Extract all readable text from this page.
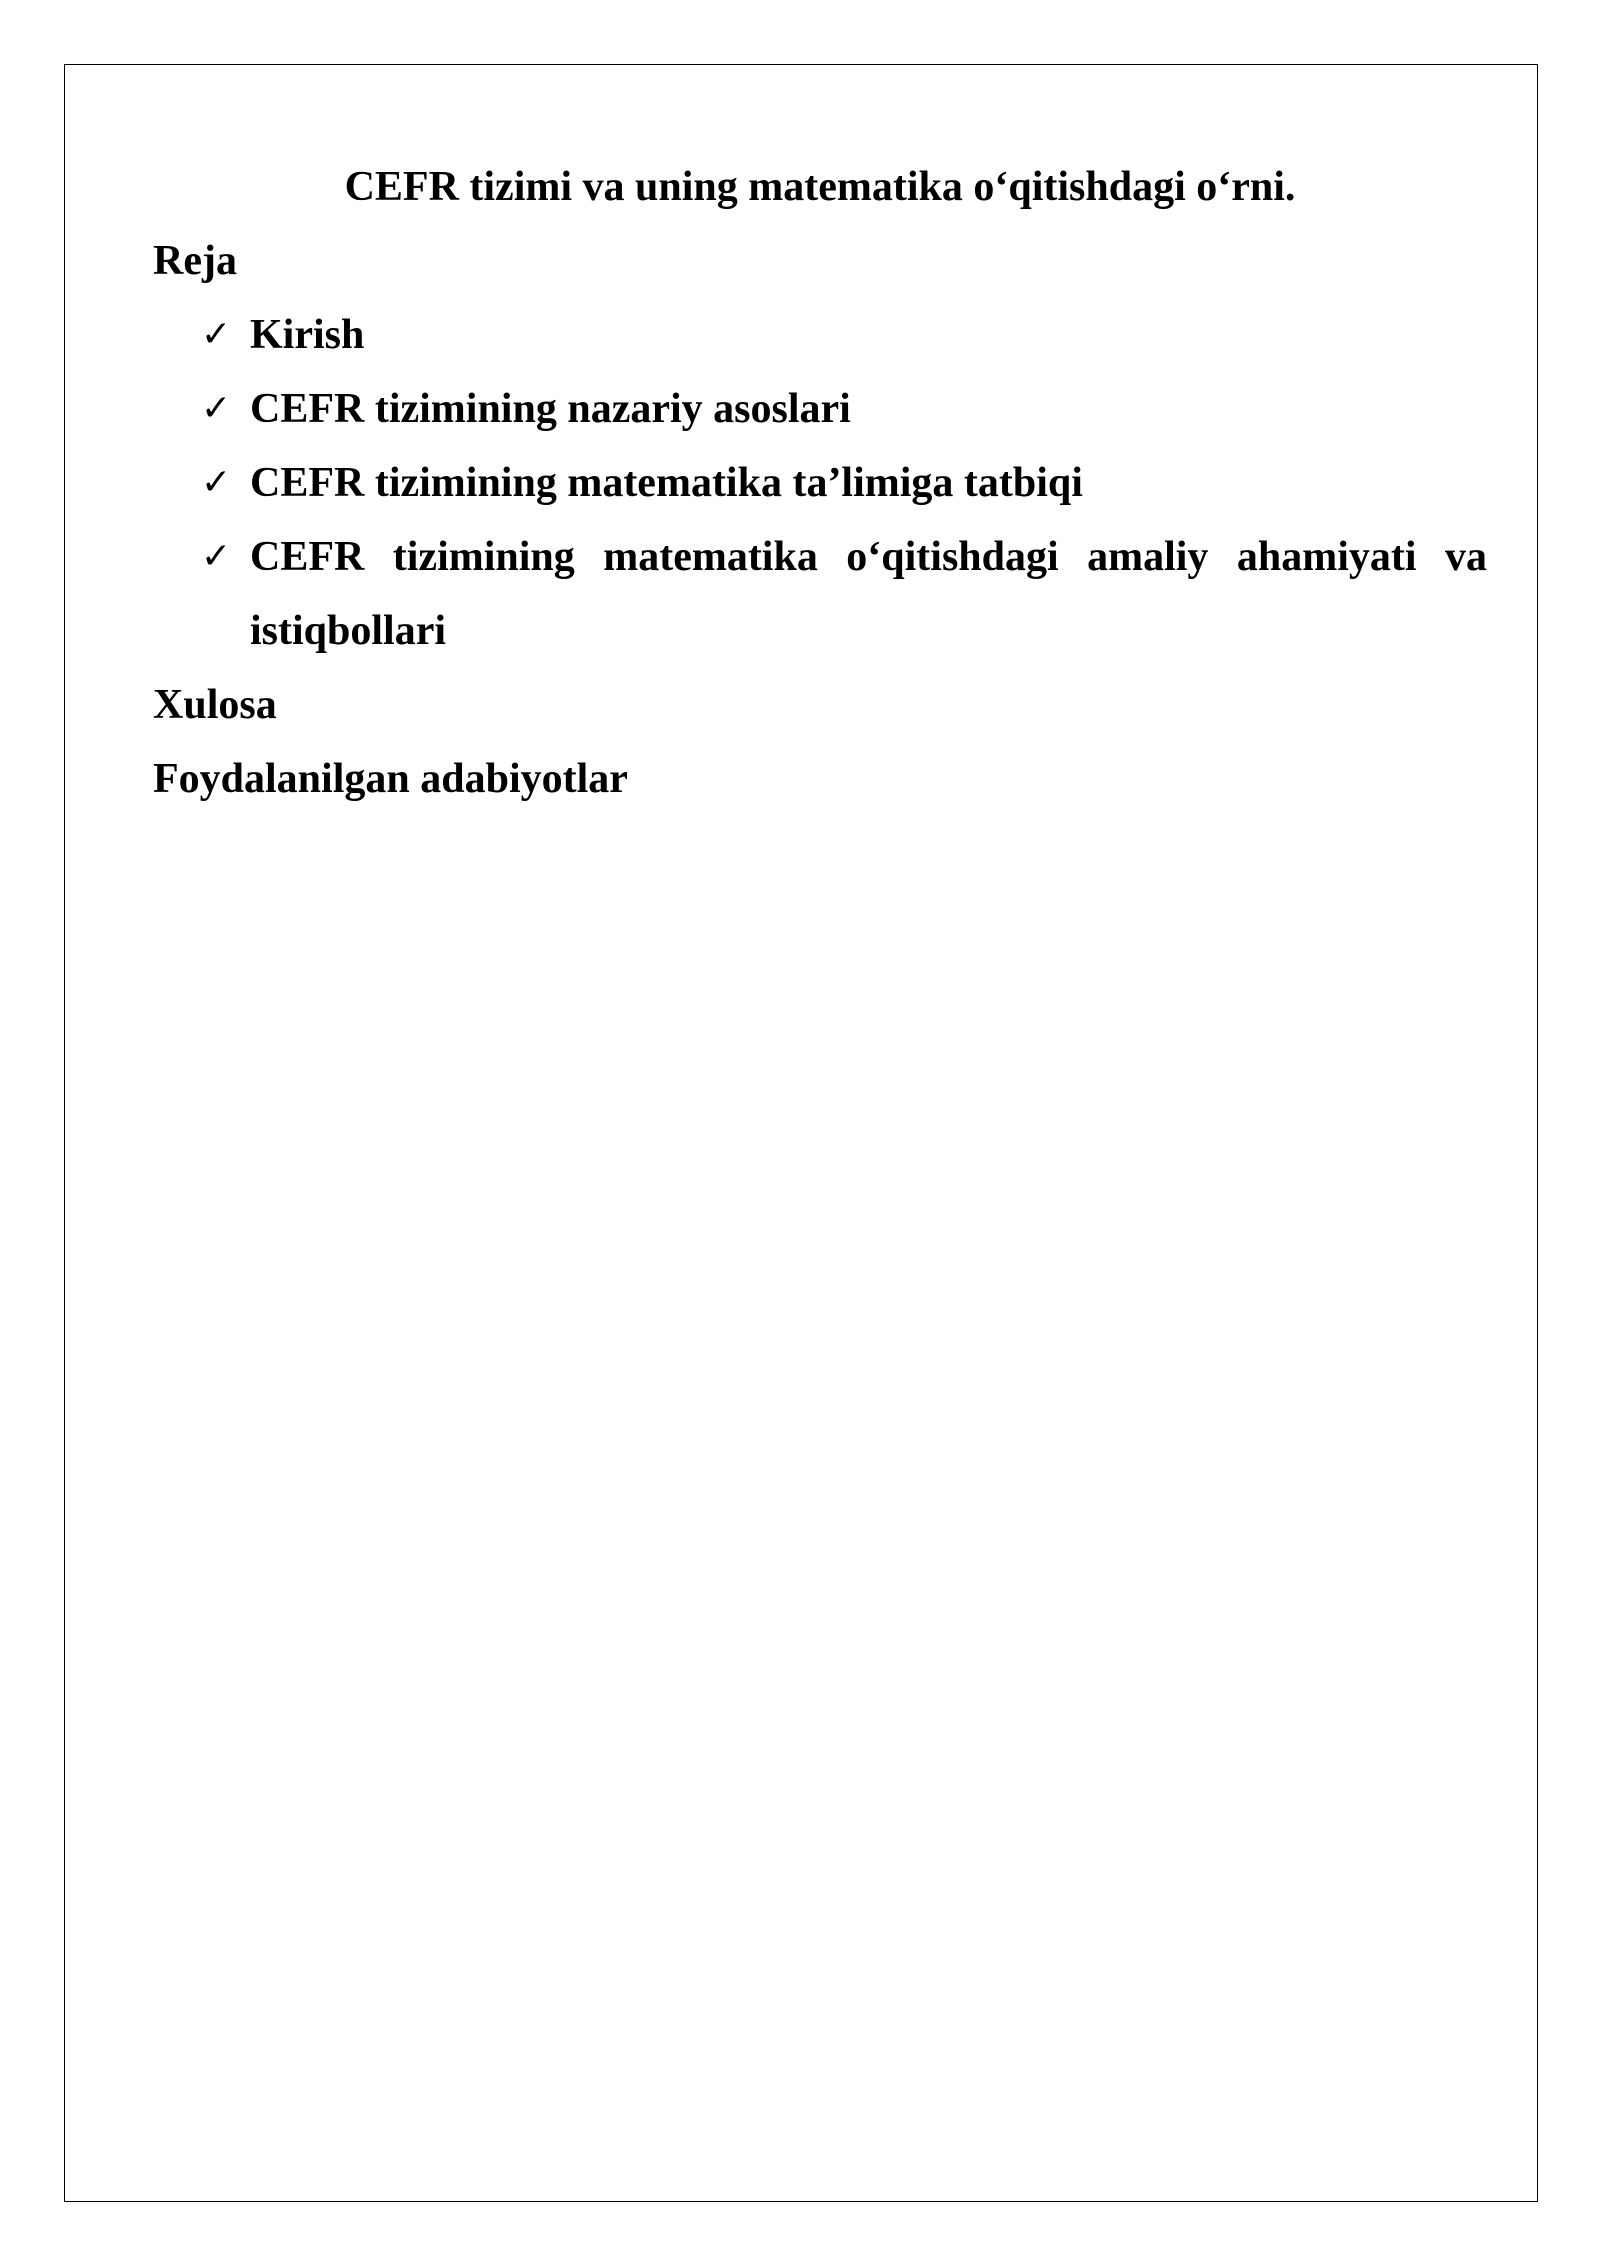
CEFR tizimi va uning matematika o‘qitishdagi o‘rni.

Reja

✓ Kirish
✓ CEFR tizimining nazariy asoslari
✓ CEFR tizimining matematika ta’limiga tatbiqi
✓ CEFR tizimining matematika o‘qitishdagi amaliy ahamiyati va istiqbollari

Xulosa

Foydalanilgan adabiyotlar
